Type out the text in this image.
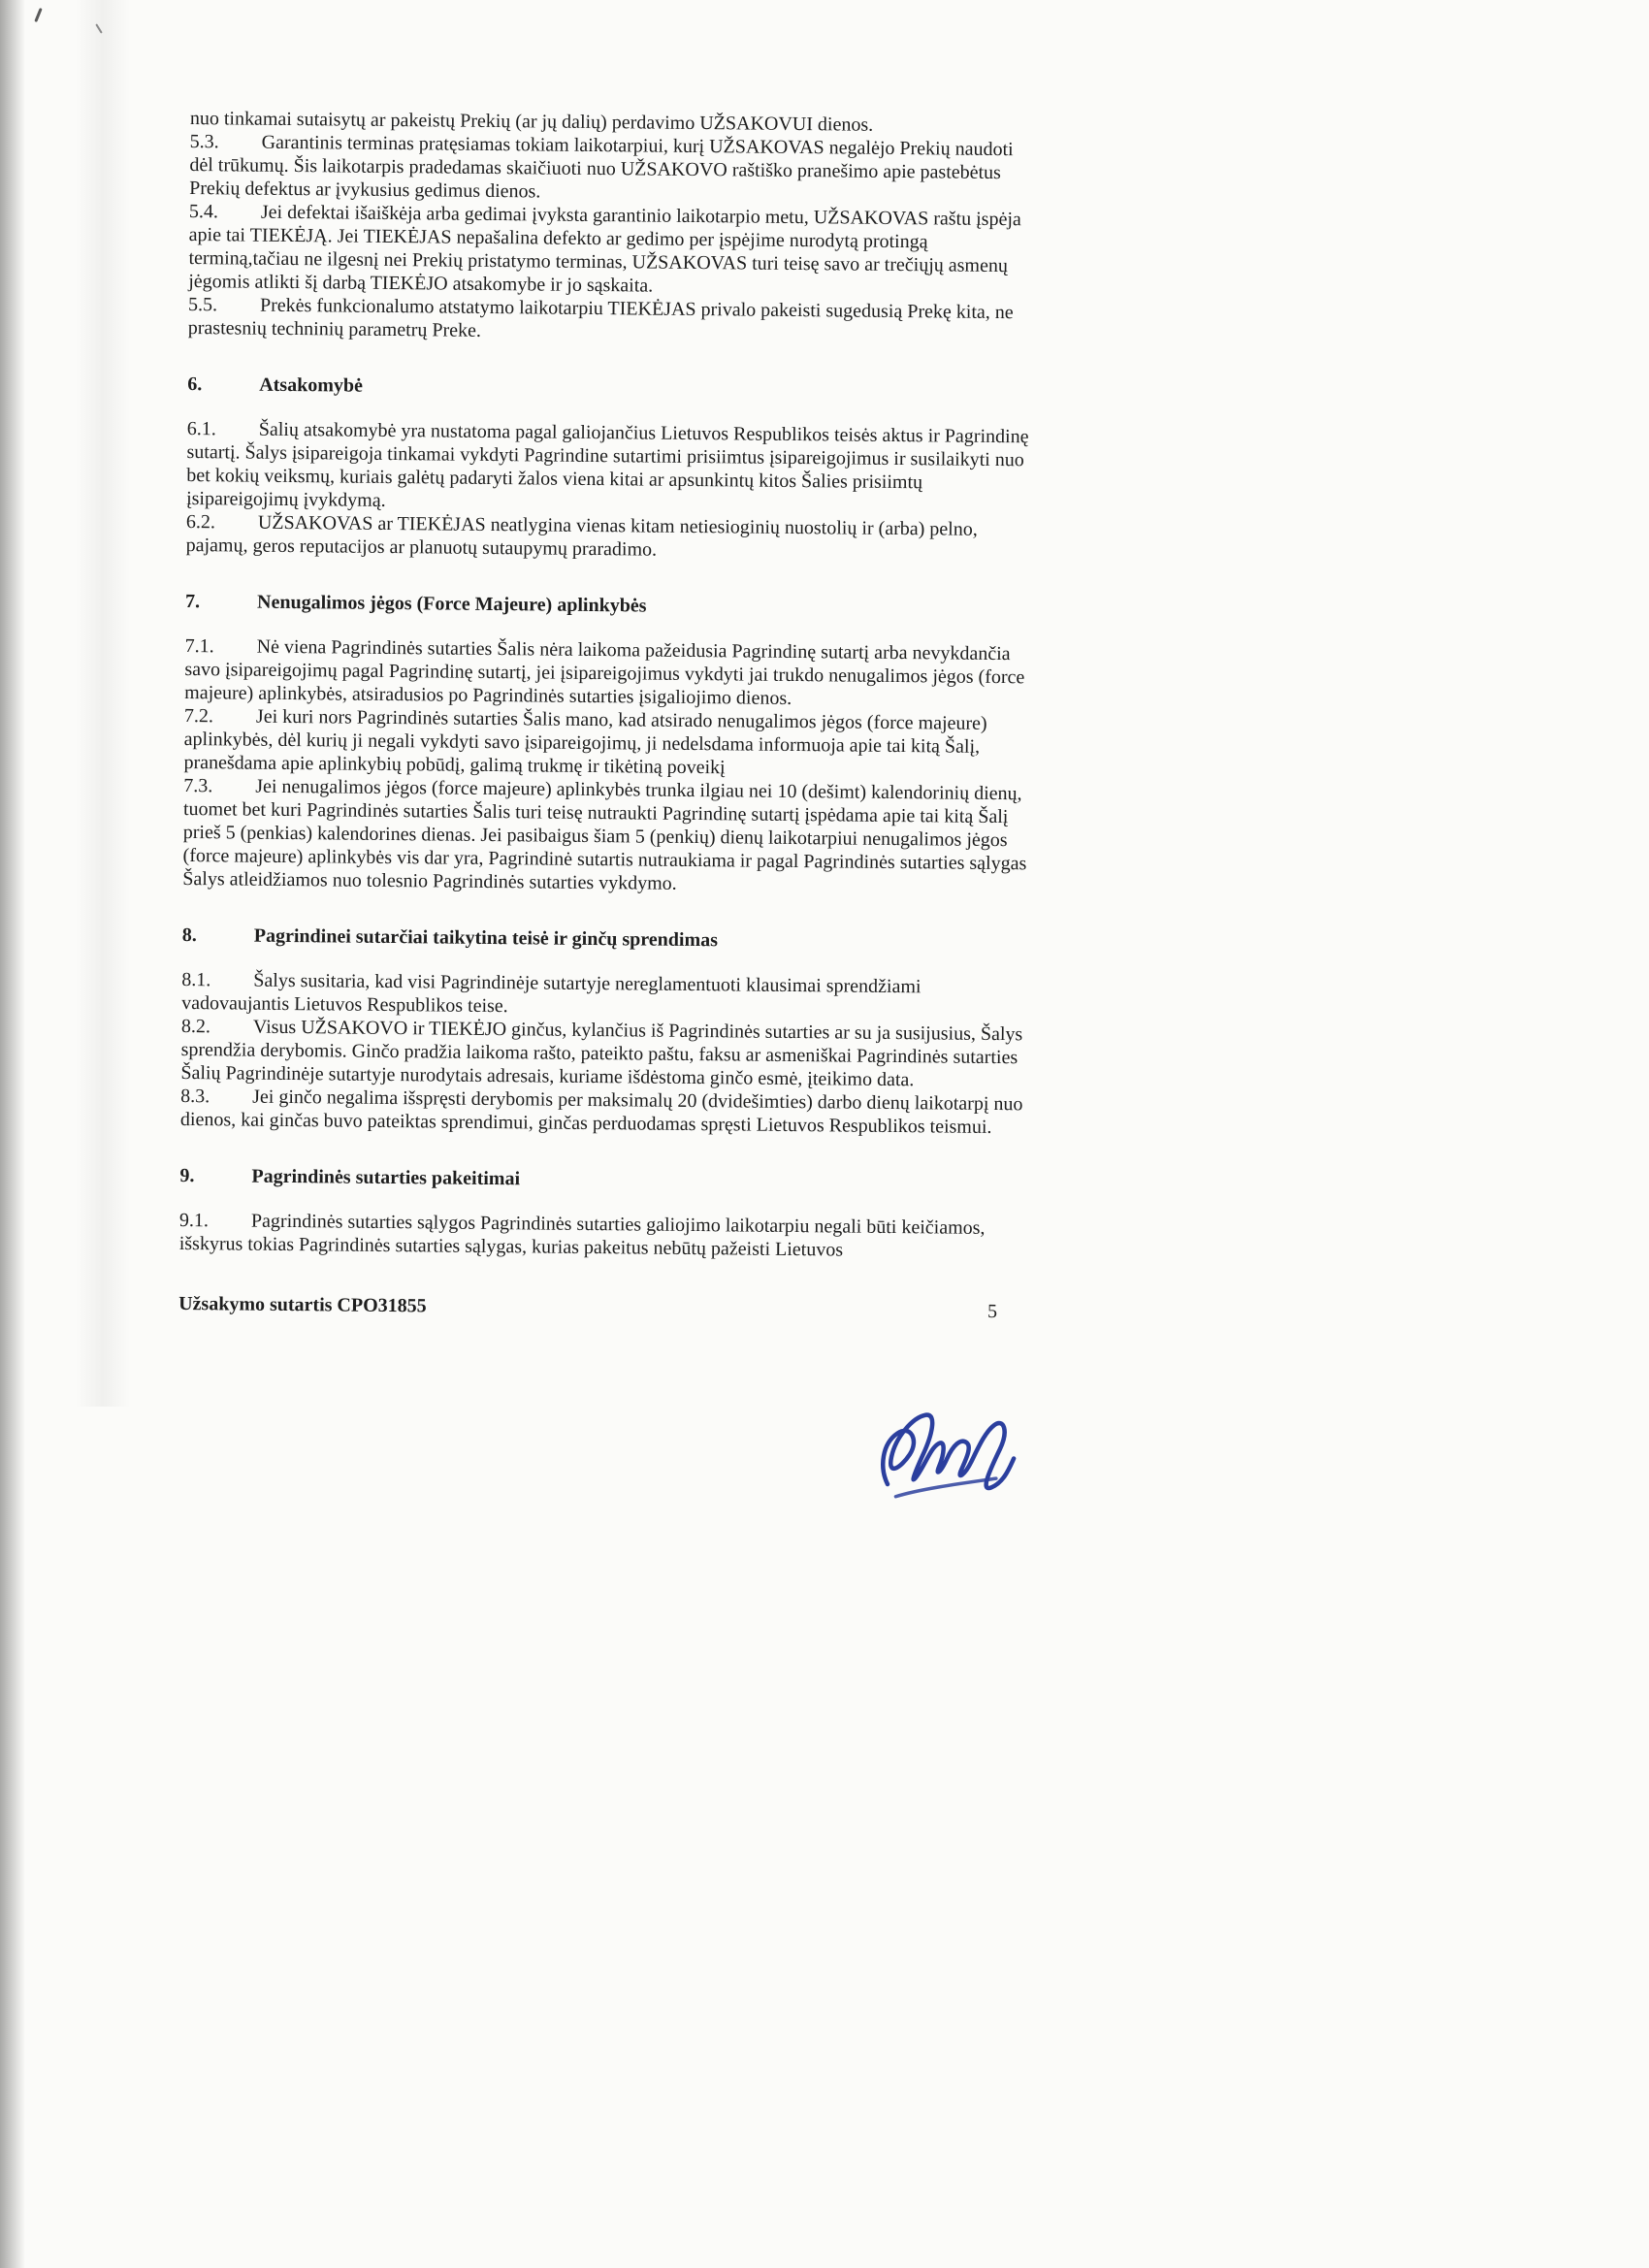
nuo tinkamai sutaisytų ar pakeistų Prekių (ar jų dalių) perdavimo UŽSAKOVUI dienos.

5.3. Garantinis terminas pratęsiamas tokiam laikotarpiui, kurį UŽSAKOVAS negalėjo Prekių naudoti dėl trūkumų. Šis laikotarpis pradedamas skaičiuoti nuo UŽSAKOVO raštiško pranešimo apie pastebėtus Prekių defektus ar įvykusius gedimus dienos.

5.4. Jei defektai išaiškėja arba gedimai įvyksta garantinio laikotarpio metu, UŽSAKOVAS raštu įspėja apie tai TIEKĖJĄ. Jei TIEKĖJAS nepašalina defekto ar gedimo per įspėjime nurodytą protingą terminą,tačiau ne ilgesnį nei Prekių pristatymo terminas, UŽSAKOVAS turi teisę savo ar trečiųjų asmenų jėgomis atlikti šį darbą TIEKĖJO atsakomybe ir jo sąskaita.

5.5. Prekės funkcionalumo atstatymo laikotarpiu TIEKĖJAS privalo pakeisti sugedusią Prekę kita, ne prastesnių techninių parametrų Preke.

6.	Atsakomybė

6.1. Šalių atsakomybė yra nustatoma pagal galiojančius Lietuvos Respublikos teisės aktus ir Pagrindinę sutartį. Šalys įsipareigoja tinkamai vykdyti Pagrindine sutartimi prisiimtus įsipareigojimus ir susilaikyti nuo bet kokių veiksmų, kuriais galėtų padaryti žalos viena kitai ar apsunkintų kitos Šalies prisiimtų įsipareigojimų įvykdymą.

6.2. UŽSAKOVAS ar TIEKĖJAS neatlygina vienas kitam netiesioginių nuostolių ir (arba) pelno, pajamų, geros reputacijos ar planuotų sutaupymų praradimo.

7.	Nenugalimos jėgos (Force Majeure) aplinkybės

7.1. Nė viena Pagrindinės sutarties Šalis nėra laikoma pažeidusia Pagrindinę sutartį arba nevykdančia savo įsipareigojimų pagal Pagrindinę sutartį, jei įsipareigojimus vykdyti jai trukdo nenugalimos jėgos (force majeure) aplinkybės, atsiradusios po Pagrindinės sutarties įsigaliojimo dienos.

7.2. Jei kuri nors Pagrindinės sutarties Šalis mano, kad atsirado nenugalimos jėgos (force majeure) aplinkybės, dėl kurių ji negali vykdyti savo įsipareigojimų, ji nedelsdama informuoja apie tai kitą Šalį, pranešdama apie aplinkybių pobūdį, galimą trukmę ir tikėtiną poveikį

7.3. Jei nenugalimos jėgos (force majeure) aplinkybės trunka ilgiau nei 10 (dešimt) kalendorinių dienų, tuomet bet kuri Pagrindinės sutarties Šalis turi teisę nutraukti Pagrindinę sutartį įspėdama apie tai kitą Šalį prieš 5 (penkias) kalendorines dienas. Jei pasibaigus šiam 5 (penkių) dienų laikotarpiui nenugalimos jėgos (force majeure) aplinkybės vis dar yra, Pagrindinė sutartis nutraukiama ir pagal Pagrindinės sutarties sąlygas Šalys atleidžiamos nuo tolesnio Pagrindinės sutarties vykdymo.

8.	Pagrindinei sutarčiai taikytina teisė ir ginčų sprendimas

8.1. Šalys susitaria, kad visi Pagrindinėje sutartyje nereglamentuoti klausimai sprendžiami vadovaujantis Lietuvos Respublikos teise.

8.2. Visus UŽSAKOVO ir TIEKĖJO ginčus, kylančius iš Pagrindinės sutarties ar su ja susijusius, Šalys sprendžia derybomis. Ginčo pradžia laikoma rašto, pateikto paštu, faksu ar asmeniškai Pagrindinės sutarties Šalių Pagrindinėje sutartyje nurodytais adresais, kuriame išdėstoma ginčo esmė, įteikimo data.

8.3. Jei ginčo negalima išspręsti derybomis per maksimalų 20 (dvidešimties) darbo dienų laikotarpį nuo dienos, kai ginčas buvo pateiktas sprendimui, ginčas perduodamas spręsti Lietuvos Respublikos teismui.

9.	Pagrindinės sutarties pakeitimai

9.1. Pagrindinės sutarties sąlygos Pagrindinės sutarties galiojimo laikotarpiu negali būti keičiamos, išskyrus tokias Pagrindinės sutarties sąlygas, kurias pakeitus nebūtų pažeisti Lietuvos

Užsakymo sutartis CPO31855	5
